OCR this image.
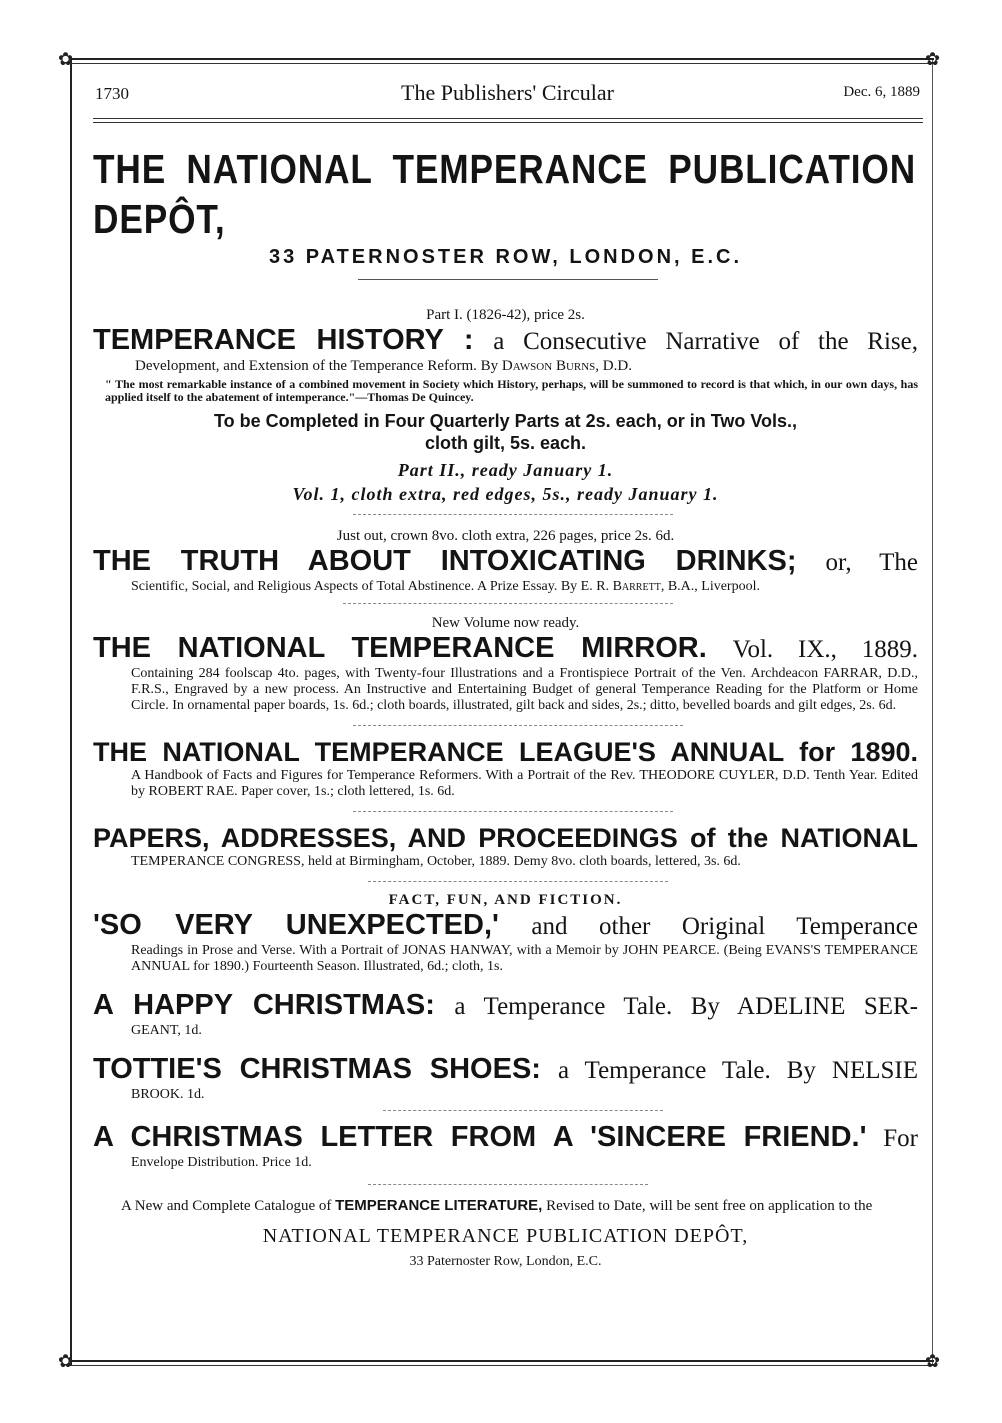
✿	✿
✿	✿
1730	The Publishers' Circular	Dec. 6, 1889
THE NATIONAL TEMPERANCE PUBLICATION DEPÔT,
33 PATERNOSTER ROW, LONDON, E.C.
Part I. (1826-42), price 2s.
TEMPERANCE HISTORY : a Consecutive Narrative of the Rise,
Development, and Extension of the Temperance Reform. By Dawson Burns, D.D.
" The most remarkable instance of a combined movement in Society which History, perhaps, will be summoned to record is that which, in our own days, has applied itself to the abatement of intemperance."—Thomas De Quincey.
To be Completed in Four Quarterly Parts at 2s. each, or in Two Vols.,
cloth gilt, 5s. each.
Part II., ready January 1.
Vol. 1, cloth extra, red edges, 5s., ready January 1.
Just out, crown 8vo. cloth extra, 226 pages, price 2s. 6d.
THE TRUTH ABOUT INTOXICATING DRINKS; or, The
Scientific, Social, and Religious Aspects of Total Abstinence. A Prize Essay. By E. R. Barrett, B.A., Liverpool.
New Volume now ready.
THE NATIONAL TEMPERANCE MIRROR. Vol. IX., 1889.
Containing 284 foolscap 4to. pages, with Twenty-four Illustrations and a Frontispiece Portrait of the Ven. Archdeacon FARRAR, D.D., F.R.S., Engraved by a new process. An Instructive and Entertaining Budget of general Temperance Reading for the Platform or Home Circle. In ornamental paper boards, 1s. 6d.; cloth boards, illustrated, gilt back and sides, 2s.; ditto, bevelled boards and gilt edges, 2s. 6d.
THE NATIONAL TEMPERANCE LEAGUE'S ANNUAL for 1890.
A Handbook of Facts and Figures for Temperance Reformers. With a Portrait of the Rev. THEODORE CUYLER, D.D. Tenth Year. Edited by ROBERT RAE. Paper cover, 1s.; cloth lettered, 1s. 6d.
PAPERS, ADDRESSES, AND PROCEEDINGS of the NATIONAL
TEMPERANCE CONGRESS, held at Birmingham, October, 1889. Demy 8vo. cloth boards, lettered, 3s. 6d.
FACT, FUN, AND FICTION.
'SO VERY UNEXPECTED,' and other Original Temperance
Readings in Prose and Verse. With a Portrait of JONAS HANWAY, with a Memoir by JOHN PEARCE. (Being EVANS'S TEMPERANCE ANNUAL for 1890.) Fourteenth Season. Illustrated, 6d.; cloth, 1s.
A HAPPY CHRISTMAS: a Temperance Tale. By ADELINE SER-
GEANT, 1d.
TOTTIE'S CHRISTMAS SHOES: a Temperance Tale. By NELSIE
BROOK. 1d.
A CHRISTMAS LETTER FROM A 'SINCERE FRIEND.' For
Envelope Distribution. Price 1d.
A New and Complete Catalogue of TEMPERANCE LITERATURE, Revised to Date, will be sent free on application to the
NATIONAL TEMPERANCE PUBLICATION DEPÔT,
33 Paternoster Row, London, E.C.
